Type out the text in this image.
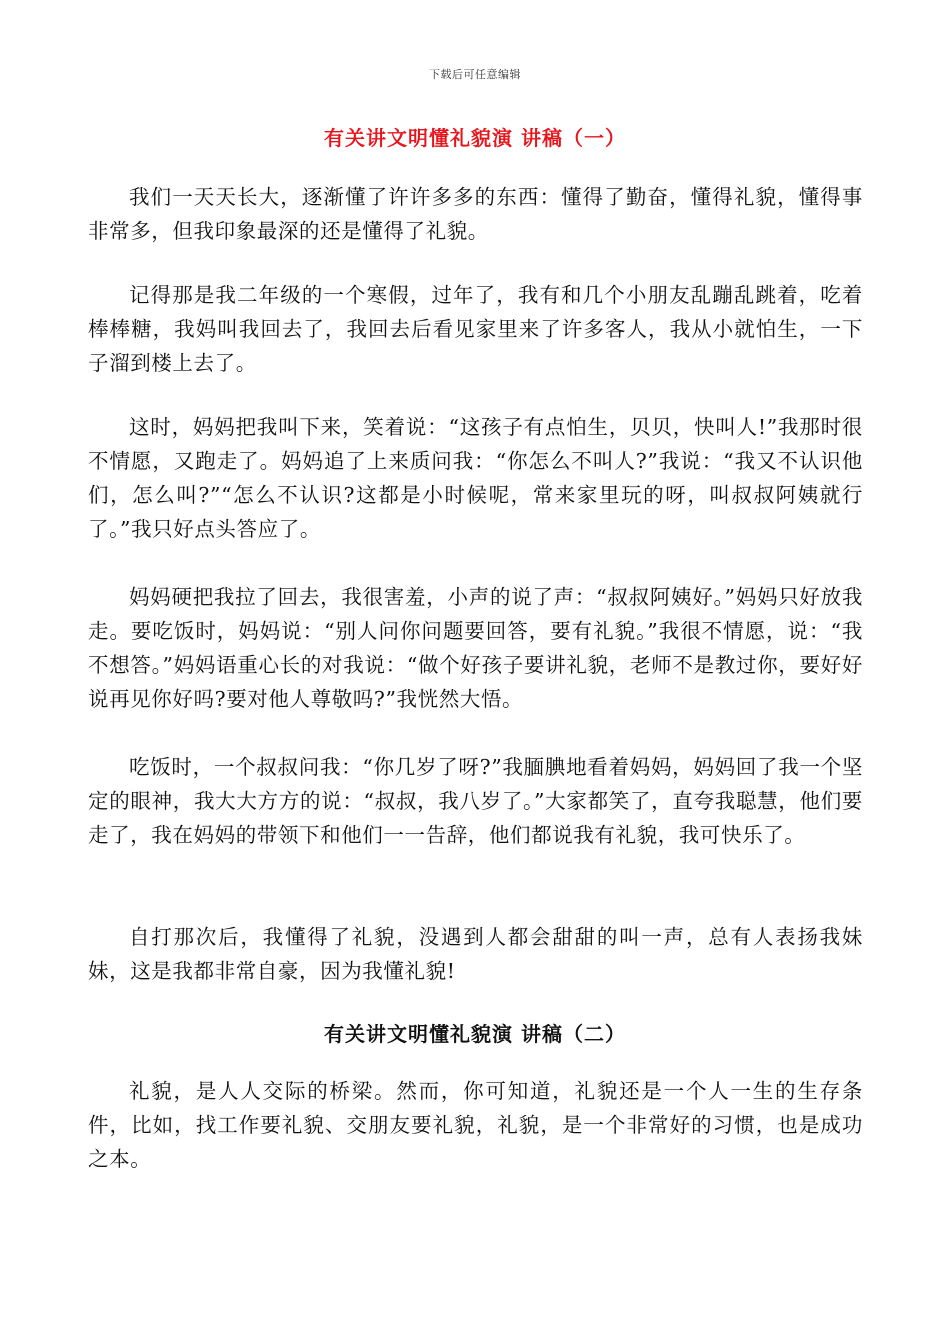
下载后可任意编辑
有关讲文明懂礼貌演 讲稿（一）

我们一天天长大，逐渐懂了许许多多的东西：懂得了勤奋，懂得礼貌，懂得事非常多，但我印象最深的还是懂得了礼貌。

记得那是我二年级的一个寒假，过年了，我有和几个小朋友乱蹦乱跳着，吃着棒棒糖，我妈叫我回去了，我回去后看见家里来了许多客人，我从小就怕生，一下子溜到楼上去了。

这时，妈妈把我叫下来，笑着说：“这孩子有点怕生，贝贝，快叫人!”我那时很不情愿，又跑走了。妈妈追了上来质问我：“你怎么不叫人?”我说：“我又不认识他们，怎么叫?”“怎么不认识?这都是小时候呢，常来家里玩的呀，叫叔叔阿姨就行了。”我只好点头答应了。

妈妈硬把我拉了回去，我很害羞，小声的说了声：“叔叔阿姨好。”妈妈只好放我走。要吃饭时，妈妈说：“别人问你问题要回答，要有礼貌。”我很不情愿，说：“我不想答。”妈妈语重心长的对我说：“做个好孩子要讲礼貌，老师不是教过你，要好好说再见你好吗?要对他人尊敬吗?”我恍然大悟。

吃饭时，一个叔叔问我：“你几岁了呀?”我腼腆地看着妈妈，妈妈回了我一个坚定的眼神，我大大方方的说：“叔叔，我八岁了。”大家都笑了，直夸我聪慧，他们要走了，我在妈妈的带领下和他们一一告辞，他们都说我有礼貌，我可快乐了。

自打那次后，我懂得了礼貌，没遇到人都会甜甜的叫一声，总有人表扬我妹妹，这是我都非常自豪，因为我懂礼貌!

有关讲文明懂礼貌演 讲稿（二）

礼貌，是人人交际的桥梁。然而，你可知道，礼貌还是一个人一生的生存条件，比如，找工作要礼貌、交朋友要礼貌，礼貌，是一个非常好的习惯，也是成功之本。
